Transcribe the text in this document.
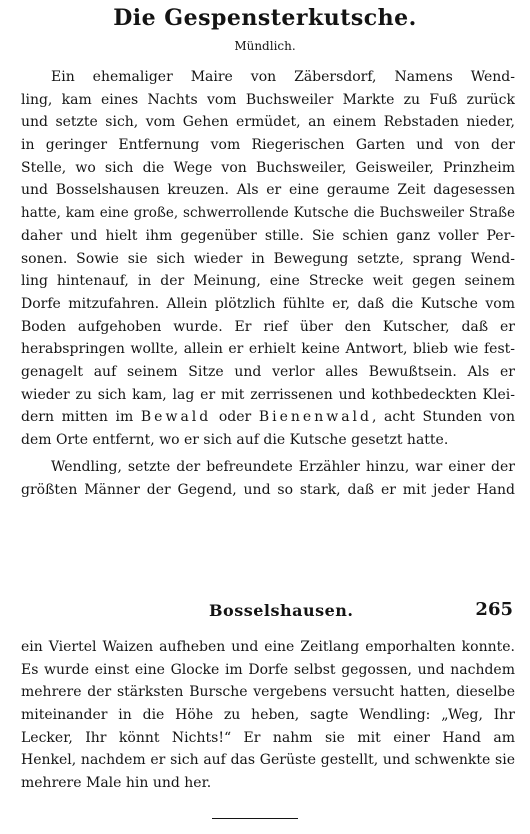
Die Gespensterkutsche.
Mündlich.
Ein ehemaliger Maire von Zäbersdorf, Namens Wend-
ling, kam eines Nachts vom Buchsweiler Markte zu Fuß zurück
und setzte sich, vom Gehen ermüdet, an einem Rebstaden nieder,
in geringer Entfernung vom Riegerischen Garten und von der
Stelle, wo sich die Wege von Buchsweiler, Geisweiler, Prinzheim
und Bosselshausen kreuzen. Als er eine geraume Zeit dagesessen
hatte, kam eine große, schwerrollende Kutsche die Buchsweiler Straße
daher und hielt ihm gegenüber stille. Sie schien ganz voller Per-
sonen. Sowie sie sich wieder in Bewegung setzte, sprang Wend-
ling hintenauf, in der Meinung, eine Strecke weit gegen seinem
Dorfe mitzufahren. Allein plötzlich fühlte er, daß die Kutsche vom
Boden aufgehoben wurde. Er rief über den Kutscher, daß er
herabspringen wollte, allein er erhielt keine Antwort, blieb wie fest-
genagelt auf seinem Sitze und verlor alles Bewußtsein. Als er
wieder zu sich kam, lag er mit zerrissenen und kothbedeckten Klei-
dern mitten im Bewald oder Bienenwald, acht Stunden von
dem Orte entfernt, wo er sich auf die Kutsche gesetzt hatte.
Wendling, setzte der befreundete Erzähler hinzu, war einer der
größten Männer der Gegend, und so stark, daß er mit jeder Hand
Bosselshausen.	265
ein Viertel Waizen aufheben und eine Zeitlang emporhalten konnte.
Es wurde einst eine Glocke im Dorfe selbst gegossen, und nachdem
mehrere der stärksten Bursche vergebens versucht hatten, dieselbe
miteinander in die Höhe zu heben, sagte Wendling: „Weg, Ihr
Lecker, Ihr könnt Nichts!“ Er nahm sie mit einer Hand am
Henkel, nachdem er sich auf das Gerüste gestellt, und schwenkte sie
mehrere Male hin und her.
